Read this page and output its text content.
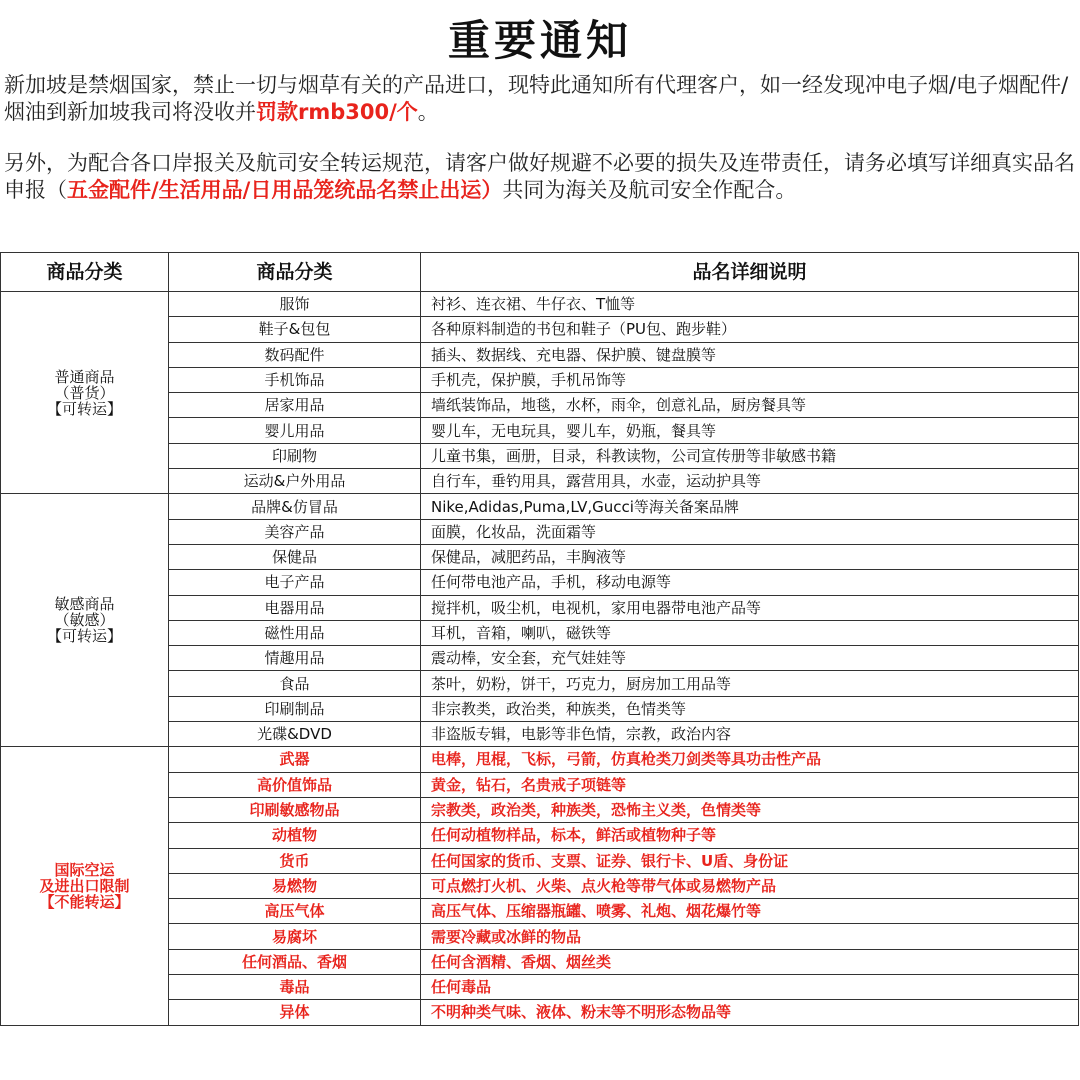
重要通知
新加坡是禁烟国家，禁止一切与烟草有关的产品进口，现特此通知所有代理客户，如一经发现冲电子烟/电子烟配件/烟油到新加坡我司将没收并罚款rmb300/个。
另外，为配合各口岸报关及航司安全转运规范，请客户做好规避不必要的损失及连带责任，请务必填写详细真实品名申报（五金配件/生活用品/日用品笼统品名禁止出运）共同为海关及航司安全作配合。
商品分类	商品分类	品名详细说明

普通商品
（普货）
【可转运】	服饰	衬衫、连衣裙、牛仔衣、T恤等
	鞋子&包包	各种原料制造的书包和鞋子（PU包、跑步鞋）
	数码配件	插头、数据线、充电器、保护膜、键盘膜等
	手机饰品	手机壳，保护膜，手机吊饰等
	居家用品	墙纸装饰品，地毯，水杯，雨伞，创意礼品，厨房餐具等
	婴儿用品	婴儿车，无电玩具，婴儿车，奶瓶，餐具等
	印刷物	儿童书集，画册，目录，科教读物，公司宣传册等非敏感书籍
	运动&户外用品	自行车，垂钓用具，露营用具，水壶，运动护具等

敏感商品
（敏感）
【可转运】	品牌&仿冒品	Nike,Adidas,Puma,LV,Gucci等海关备案品牌
	美容产品	面膜，化妆品，洗面霜等
	保健品	保健品，减肥药品，丰胸液等
	电子产品	任何带电池产品，手机，移动电源等
	电器用品	搅拌机，吸尘机，电视机，家用电器带电池产品等
	磁性用品	耳机，音箱，喇叭，磁铁等
	情趣用品	震动棒，安全套，充气娃娃等
	食品	茶叶，奶粉，饼干，巧克力，厨房加工用品等
	印刷制品	非宗教类，政治类，种族类，色情类等
	光碟&DVD	非盗版专辑，电影等非色情，宗教，政治内容

国际空运
及进出口限制
【不能转运】	武器	电棒，甩棍，飞标，弓箭，仿真枪类刀剑类等具功击性产品
	高价值饰品	黄金，钻石，名贵戒子项链等
	印刷敏感物品	宗教类，政治类，种族类，恐怖主义类，色情类等
	动植物	任何动植物样品，标本，鲜活或植物种子等
	货币	任何国家的货币、支票、证券、银行卡、U盾、身份证
	易燃物	可点燃打火机、火柴、点火枪等带气体或易燃物产品
	高压气体	高压气体、压缩器瓶罐、喷雾、礼炮、烟花爆竹等
	易腐坏	需要冷藏或冰鲜的物品
	任何酒品、香烟	任何含酒精、香烟、烟丝类
	毒品	任何毒品
	异体	不明种类气味、液体、粉末等不明形态物品等
